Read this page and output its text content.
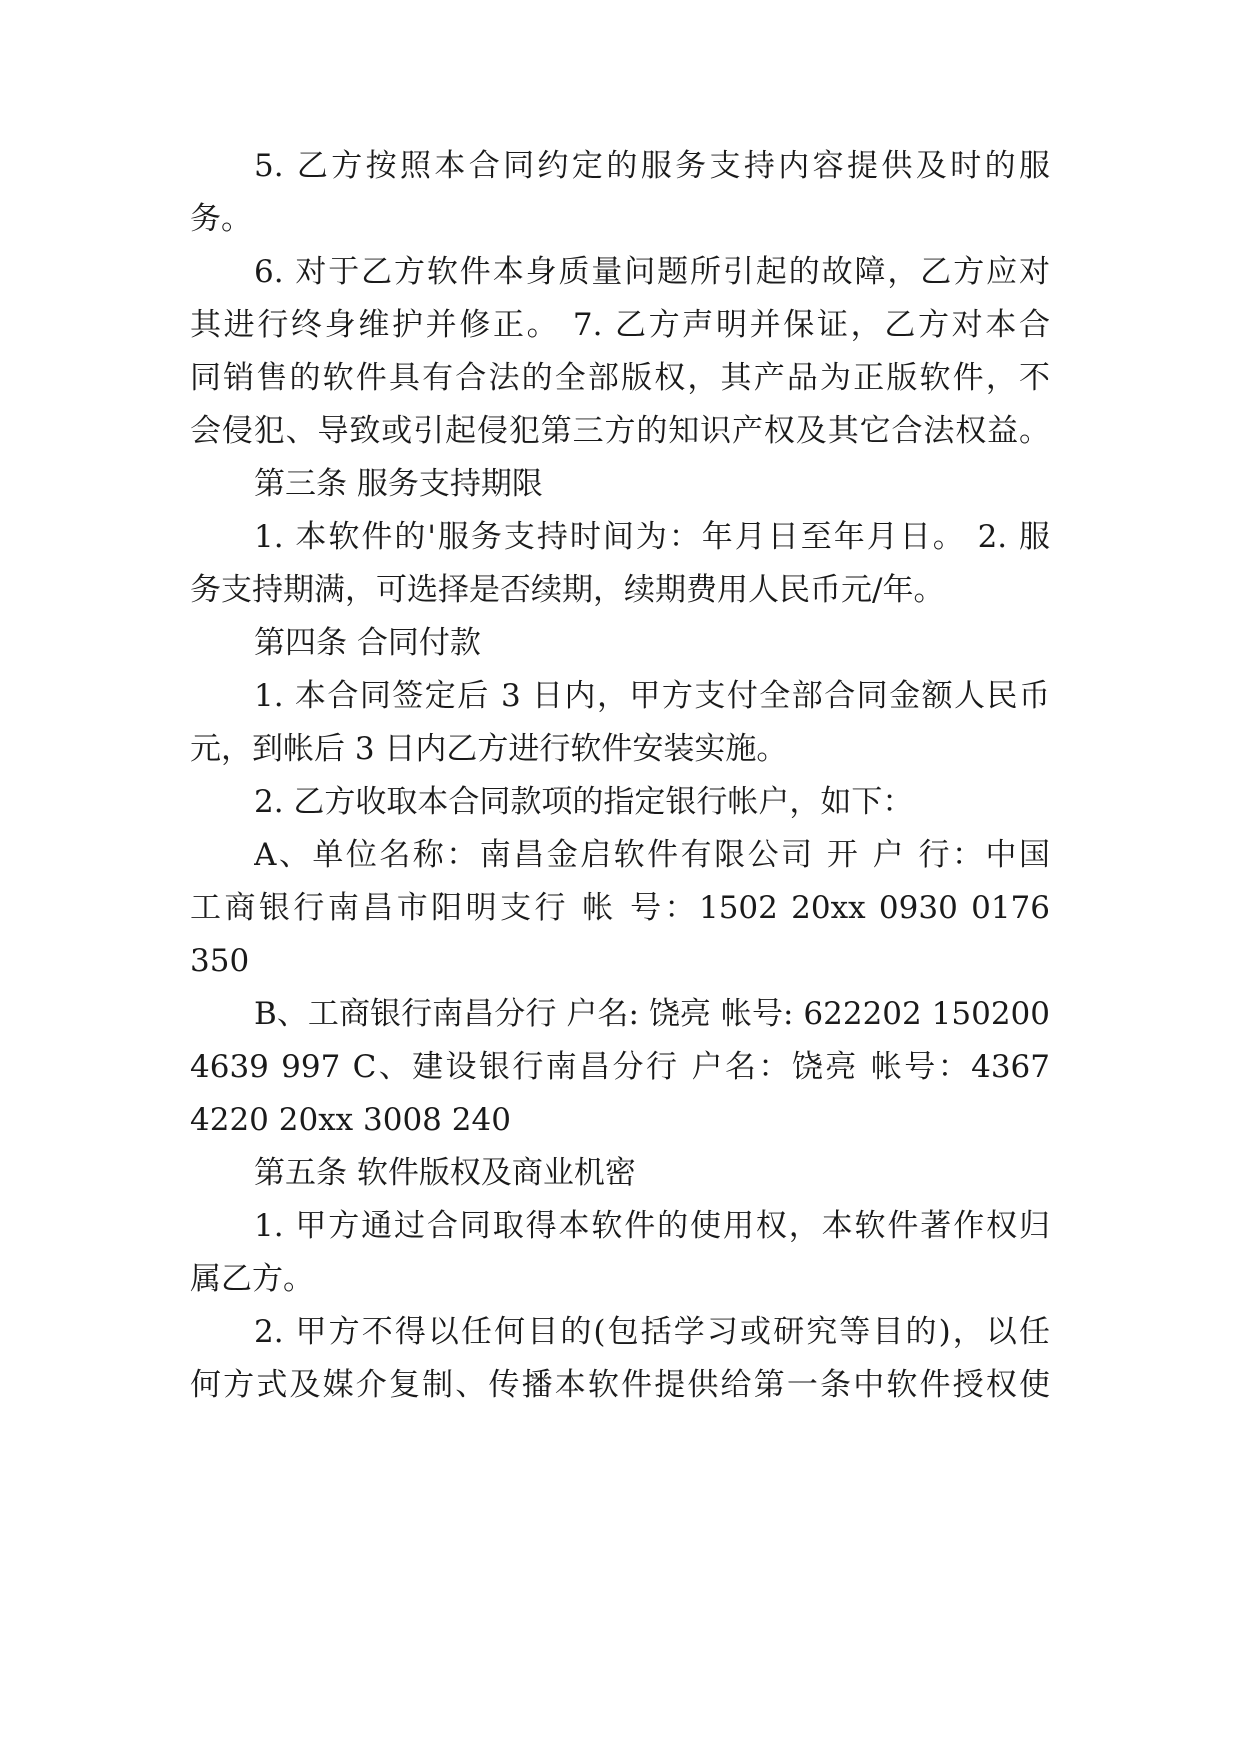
5. 乙方按照本合同约定的服务支持内容提供及时的服
务。
6. 对于乙方软件本身质量问题所引起的故障，乙方应对
其进行终身维护并修正。 7. 乙方声明并保证，乙方对本合
同销售的软件具有合法的全部版权，其产品为正版软件，不
会侵犯、导致或引起侵犯第三方的知识产权及其它合法权益。
第三条 服务支持期限
1. 本软件的'服务支持时间为：年月日至年月日。 2. 服
务支持期满，可选择是否续期，续期费用人民币元/年。
第四条 合同付款
1. 本合同签定后 3 日内，甲方支付全部合同金额人民币
元，到帐后 3 日内乙方进行软件安装实施。
2. 乙方收取本合同款项的指定银行帐户，如下：
A、单位名称：南昌金启软件有限公司 开 户 行：中国
工商银行南昌市阳明支行 帐 号：1502 20xx 0930 0176
350
B、工商银行南昌分行 户名: 饶亮 帐号: 622202 150200
4639 997 C、建设银行南昌分行 户名：饶亮 帐号：4367
4220 20xx 3008 240
第五条 软件版权及商业机密
1. 甲方通过合同取得本软件的使用权，本软件著作权归
属乙方。
2. 甲方不得以任何目的(包括学习或研究等目的)，以任
何方式及媒介复制、传播本软件提供给第一条中软件授权使
